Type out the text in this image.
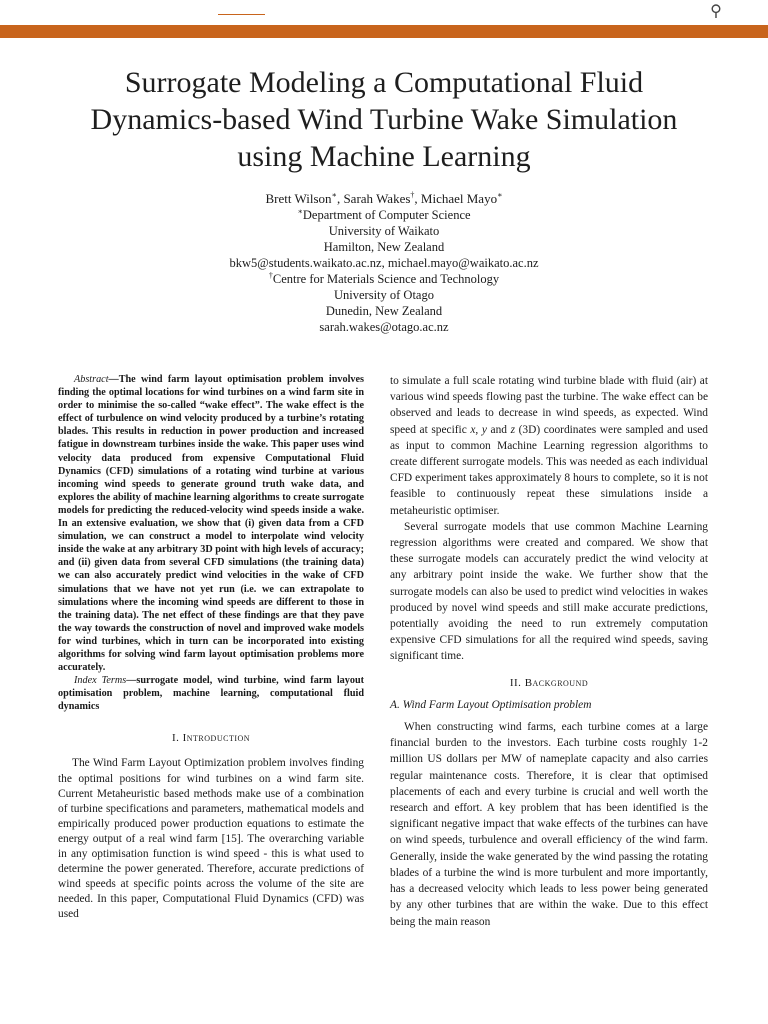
⚲
Surrogate Modeling a Computational Fluid Dynamics-based Wind Turbine Wake Simulation using Machine Learning
Brett Wilson∗, Sarah Wakes†, Michael Mayo∗
∗Department of Computer Science
University of Waikato
Hamilton, New Zealand
bkw5@students.waikato.ac.nz, michael.mayo@waikato.ac.nz
†Centre for Materials Science and Technology
University of Otago
Dunedin, New Zealand
sarah.wakes@otago.ac.nz

Abstract—The wind farm layout optimisation problem involves finding the optimal locations for wind turbines on a wind farm site in order to minimise the so-called “wake effect”. The wake effect is the effect of turbulence on wind velocity produced by a turbine’s rotating blades. This results in reduction in power production and increased fatigue in downstream turbines inside the wake. This paper uses wind velocity data produced from expensive Computational Fluid Dynamics (CFD) simulations of a rotating wind turbine at various incoming wind speeds to generate ground truth wake data, and explores the ability of machine learning algorithms to create surrogate models for predicting the reduced-velocity wind speeds inside a wake. In an extensive evaluation, we show that (i) given data from a CFD simulation, we can construct a model to interpolate wind velocity inside the wake at any arbitrary 3D point with high levels of accuracy; and (ii) given data from several CFD simulations (the training data) we can also accurately predict wind velocities in the wake of CFD simulations that we have not yet run (i.e. we can extrapolate to simulations where the incoming wind speeds are different to those in the training data). The net effect of these findings are that they pave the way towards the construction of novel and improved wake models for wind turbines, which in turn can be incorporated into existing algorithms for solving wind farm layout optimisation problems more accurately.

Index Terms—surrogate model, wind turbine, wind farm layout optimisation problem, machine learning, computational fluid dynamics

I. Introduction

The Wind Farm Layout Optimization problem involves finding the optimal positions for wind turbines on a wind farm site. Current Metaheuristic based methods make use of a combination of turbine specifications and parameters, mathematical models and empirically produced power production equations to estimate the energy output of a real wind farm [15]. The overarching variable in any optimisation function is wind speed - this is what used to determine the power generated. Therefore, accurate predictions of wind speeds at specific points across the volume of the site are needed. In this paper, Computational Fluid Dynamics (CFD) was used

to simulate a full scale rotating wind turbine blade with fluid (air) at various wind speeds flowing past the turbine. The wake effect can be observed and leads to decrease in wind speeds, as expected. Wind speed at specific x, y and z (3D) coordinates were sampled and used as input to common Machine Learning regression algorithms to create different surrogate models. This was needed as each individual CFD experiment takes approximately 8 hours to complete, so it is not feasible to continuously repeat these simulations inside a metaheuristic optimiser.

Several surrogate models that use common Machine Learning regression algorithms were created and compared. We show that these surrogate models can accurately predict the wind velocity at any arbitrary point inside the wake. We further show that the surrogate models can also be used to predict wind velocities in wakes produced by novel wind speeds and still make accurate predictions, potentially avoiding the need to run extremely computation expensive CFD simulations for all the required wind speeds, saving significant time.

II. Background
A. Wind Farm Layout Optimisation problem

When constructing wind farms, each turbine comes at a large financial burden to the investors. Each turbine costs roughly 1-2 million US dollars per MW of nameplate capacity and also carries regular maintenance costs. Therefore, it is clear that optimised placements of each and every turbine is crucial and well worth the research and effort. A key problem that has been identified is the significant negative impact that wake effects of the turbines can have on wind speeds, turbulence and overall efficiency of the wind farm. Generally, inside the wake generated by the wind passing the rotating blades of a turbine the wind is more turbulent and more importantly, has a decreased velocity which leads to less power being generated by any other turbines that are within the wake. Due to this effect being the main reason
